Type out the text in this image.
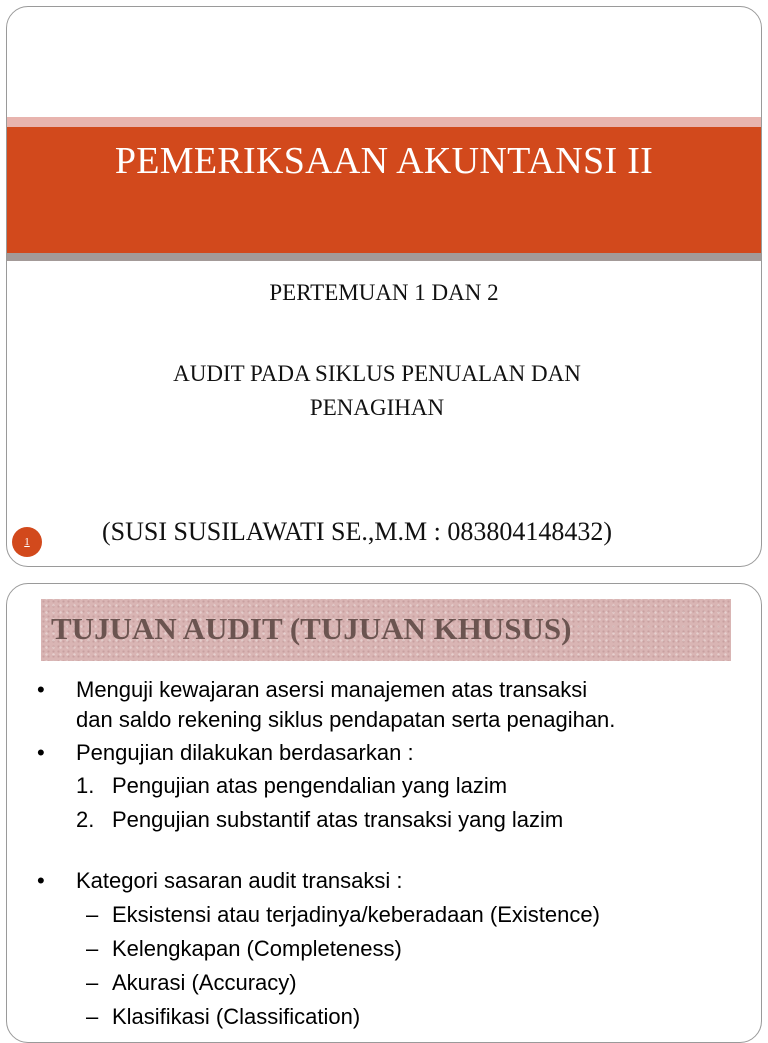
PEMERIKSAAN AKUNTANSI II
PERTEMUAN 1 DAN 2
AUDIT PADA SIKLUS PENUALAN DAN PENAGIHAN
1	(SUSI SUSILAWATI SE.,M.M : 083804148432)
TUJUAN AUDIT (TUJUAN KHUSUS)
• Menguji kewajaran asersi manajemen atas transaksi
dan saldo rekening siklus pendapatan serta penagihan.
• Pengujian dilakukan berdasarkan :
1. Pengujian atas pengendalian yang lazim
2. Pengujian substantif atas transaksi yang lazim
• Kategori sasaran audit transaksi :
– Eksistensi atau terjadinya/keberadaan (Existence)
– Kelengkapan (Completeness)
– Akurasi (Accuracy)
– Klasifikasi (Classification)
